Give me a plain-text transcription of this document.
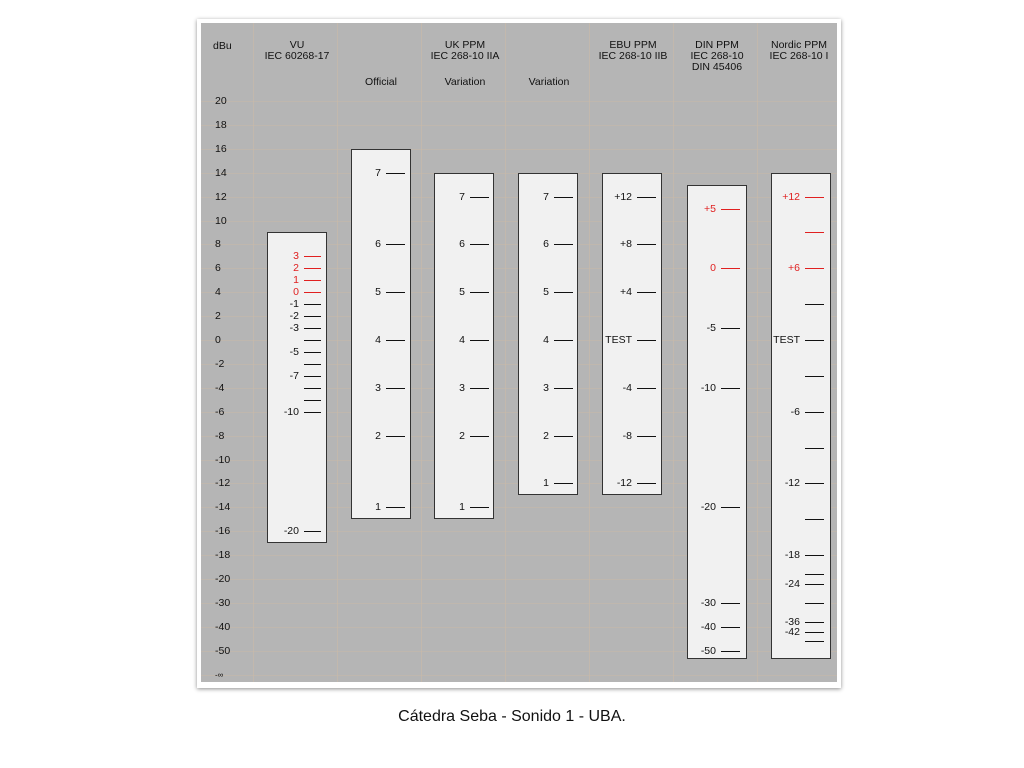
dBu	VU
IEC 60268-17
UK PPM
IEC 268-10 IIA
Official	Variation	Variation
EBU PPM
IEC 268-10 IIB
DIN PPM
IEC 268-10
DIN 45406
Nordic PPM
IEC 268-10 I
20
18
16
14
12
10
8
6
4
2
0
-2
-4
-6
-8
-10
-12
-14
-16
-18
-20
-30
-40
-50
-∞
3
2
1
0
-1
-2
-3
-5
-7
-10
-20
7
6
5
4
3
2
1
7
6
5
4
3
2
1
7
6
5
4
3
2
1
+12
+8
+4
TEST
-4
-8
-12
+5
0
-5
-10
-20
-30
-40
-50
+12
+6
TEST
-6
-12
-18
-24
-36
-42
Cátedra Seba - Sonido 1 - UBA.
